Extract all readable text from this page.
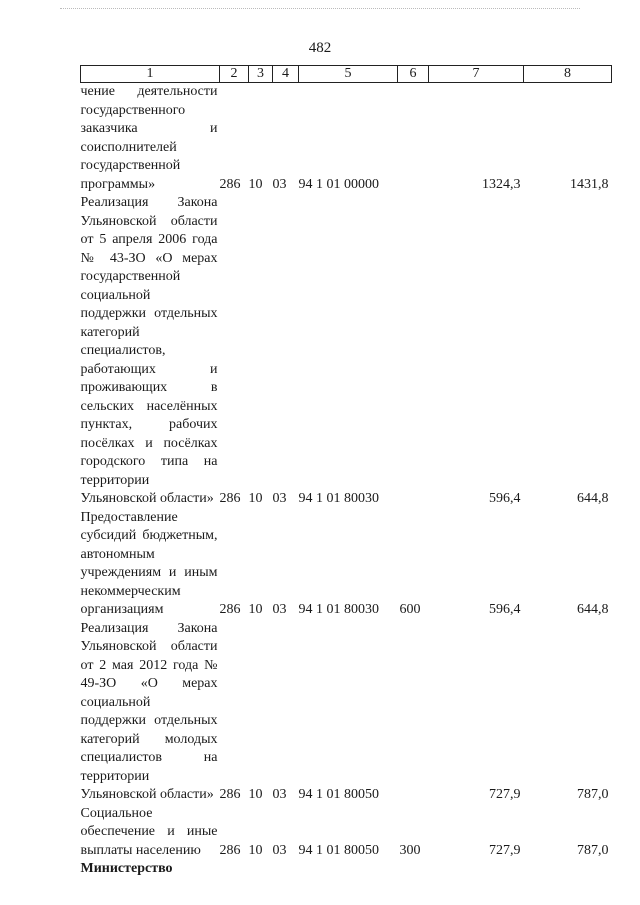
482
1	2	3	4	5	6	7	8
чение деятельности государственного заказчика и соисполнителей государственной программы»	286	10	03	94 1 01 00000		1324,3	1431,8
Реализация Закона Ульяновской области от 5 апреля 2006 года № 43-ЗО «О мерах государственной социальной поддержки отдельных категорий специалистов, работающих и проживающих в сельских населённых пунктах, рабочих посёлках и посёлках городского типа на территории Ульяновской области»	286	10	03	94 1 01 80030		596,4	644,8
Предоставление субсидий бюджетным, автономным учреждениям и иным некоммерческим организациям	286	10	03	94 1 01 80030	600	596,4	644,8
Реализация Закона Ульяновской области от 2 мая 2012 года № 49-ЗО «О мерах социальной поддержки отдельных категорий молодых специалистов на территории Ульяновской области»	286	10	03	94 1 01 80050		727,9	787,0
Социальное обеспечение и иные выплаты населению	286	10	03	94 1 01 80050	300	727,9	787,0
Министерство							
